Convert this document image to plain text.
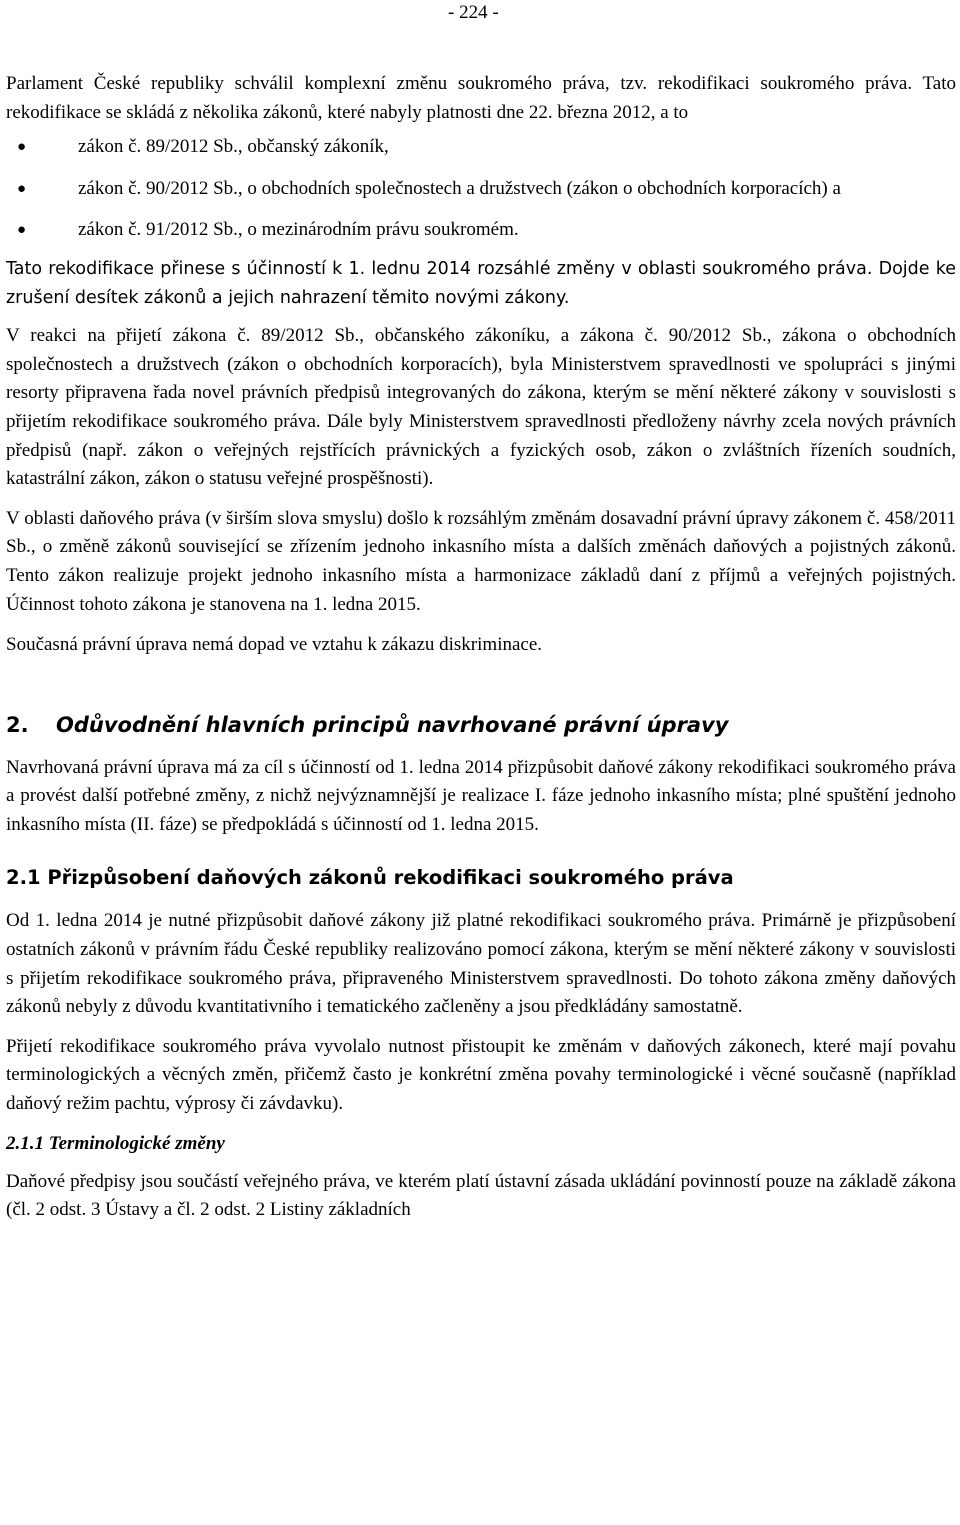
- 224 -

Parlament České republiky schválil komplexní změnu soukromého práva, tzv. rekodifikaci soukromého práva. Tato rekodifikace se skládá z několika zákonů, které nabyly platnosti dne 22. března 2012, a to

●	zákon č. 89/2012 Sb., občanský zákoník,
●	zákon č. 90/2012 Sb., o obchodních společnostech a družstvech (zákon o obchodních korporacích) a
●	zákon č. 91/2012 Sb., o mezinárodním právu soukromém.

Tato rekodifikace přinese s účinností k 1. lednu 2014 rozsáhlé změny v oblasti soukromého práva. Dojde ke zrušení desítek zákonů a jejich nahrazení těmito novými zákony.

V reakci na přijetí zákona č. 89/2012 Sb., občanského zákoníku, a zákona č. 90/2012 Sb., zákona o obchodních společnostech a družstvech (zákon o obchodních korporacích), byla Ministerstvem spravedlnosti ve spolupráci s jinými resorty připravena řada novel právních předpisů integrovaných do zákona, kterým se mění některé zákony v souvislosti s přijetím rekodifikace soukromého práva. Dále byly Ministerstvem spravedlnosti předloženy návrhy zcela nových právních předpisů (např. zákon o veřejných rejstřících právnických a fyzických osob, zákon o zvláštních řízeních soudních, katastrální zákon, zákon o statusu veřejné prospěšnosti).

V oblasti daňového práva (v širším slova smyslu) došlo k rozsáhlým změnám dosavadní právní úpravy zákonem č. 458/2011 Sb., o změně zákonů související se zřízením jednoho inkasního místa a dalších změnách daňových a pojistných zákonů. Tento zákon realizuje projekt jednoho inkasního místa a harmonizace základů daní z příjmů a veřejných pojistných. Účinnost tohoto zákona je stanovena na 1. ledna 2015.

Současná právní úprava nemá dopad ve vztahu k zákazu diskriminace.

2. Odůvodnění hlavních principů navrhované právní úpravy

Navrhovaná právní úprava má za cíl s účinností od 1. ledna 2014 přizpůsobit daňové zákony rekodifikaci soukromého práva a provést další potřebné změny, z nichž nejvýznamnější je realizace I. fáze jednoho inkasního místa; plné spuštění jednoho inkasního místa (II. fáze) se předpokládá s účinností od 1. ledna 2015.

2.1 Přizpůsobení daňových zákonů rekodifikaci soukromého práva

Od 1. ledna 2014 je nutné přizpůsobit daňové zákony již platné rekodifikaci soukromého práva. Primárně je přizpůsobení ostatních zákonů v právním řádu České republiky realizováno pomocí zákona, kterým se mění některé zákony v souvislosti s přijetím rekodifikace soukromého práva, připraveného Ministerstvem spravedlnosti. Do tohoto zákona změny daňových zákonů nebyly z důvodu kvantitativního i tematického začleněny a jsou předkládány samostatně.

Přijetí rekodifikace soukromého práva vyvolalo nutnost přistoupit ke změnám v daňových zákonech, které mají povahu terminologických a věcných změn, přičemž často je konkrétní změna povahy terminologické i věcné současně (například daňový režim pachtu, výprosy či závdavku).

2.1.1 Terminologické změny

Daňové předpisy jsou součástí veřejného práva, ve kterém platí ústavní zásada ukládání povinností pouze na základě zákona (čl. 2 odst. 3 Ústavy a čl. 2 odst. 2 Listiny základních
